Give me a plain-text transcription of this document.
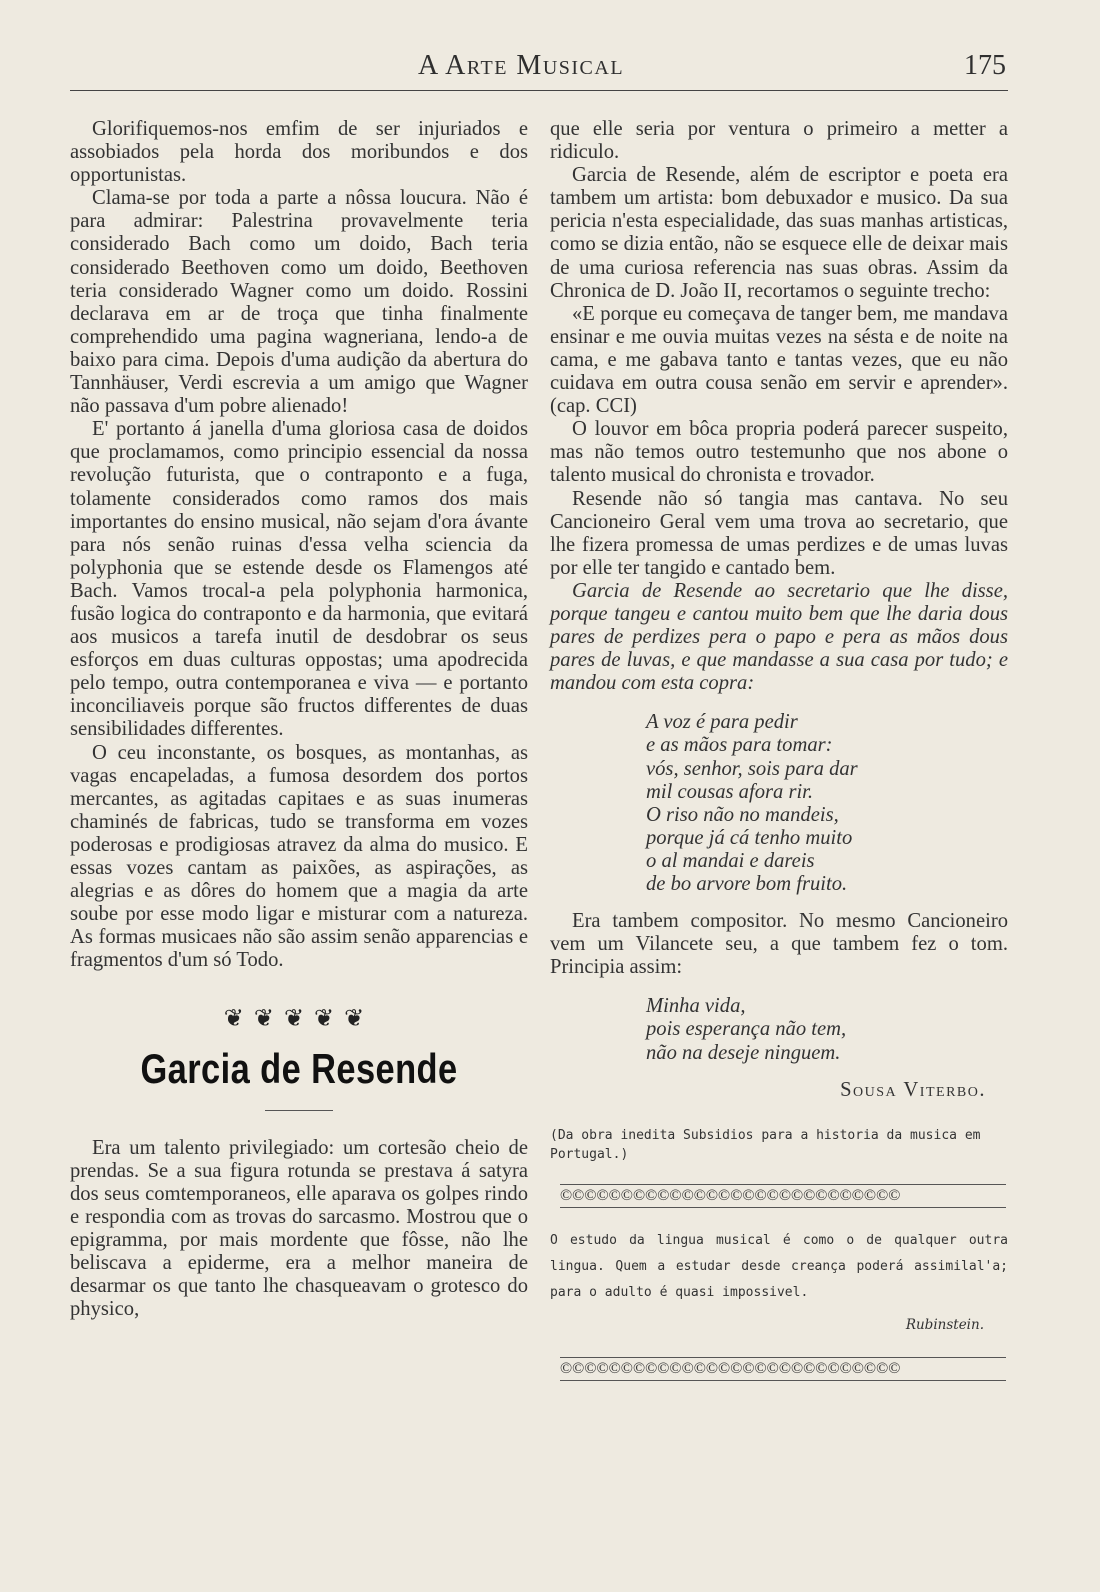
A Arte Musical	175

Glorifiquemos-nos emfim de ser injuriados e assobiados pela horda dos moribundos e dos opportunistas.

Clama-se por toda a parte a nôssa loucura. Não é para admirar: Palestrina provavelmente teria considerado Bach como um doido, Bach teria considerado Beethoven como um doido, Beethoven teria considerado Wagner como um doido. Rossini declarava em ar de troça que tinha finalmente comprehendido uma pagina wagneriana, lendo-a de baixo para cima. Depois d'uma audição da abertura do Tannhäuser, Verdi escrevia a um amigo que Wagner não passava d'um pobre alienado!

E' portanto á janella d'uma gloriosa casa de doidos que proclamamos, como principio essencial da nossa revolução futurista, que o contraponto e a fuga, tolamente considerados como ramos dos mais importantes do ensino musical, não sejam d'ora ávante para nós senão ruinas d'essa velha sciencia da polyphonia que se estende desde os Flamengos até Bach. Vamos trocal-a pela polyphonia harmonica, fusão logica do contraponto e da harmonia, que evitará aos musicos a tarefa inutil de desdobrar os seus esforços em duas culturas oppostas; uma apodrecida pelo tempo, outra contemporanea e viva — e portanto inconciliaveis porque são fructos differentes de duas sensibilidades differentes.

O ceu inconstante, os bosques, as montanhas, as vagas encapeladas, a fumosa desordem dos portos mercantes, as agitadas capitaes e as suas inumeras chaminés de fabricas, tudo se transforma em vozes poderosas e prodigiosas atravez da alma do musico. E essas vozes cantam as paixões, as aspirações, as alegrias e as dôres do homem que a magia da arte soube por esse modo ligar e misturar com a natureza. As formas musicaes não são assim senão apparencias e fragmentos d'um só Todo.

❦❦❦❦❦
Garcia de Resende

Era um talento privilegiado: um cortesão cheio de prendas. Se a sua figura rotunda se prestava á satyra dos seus comtemporaneos, elle aparava os golpes rindo e respondia com as trovas do sarcasmo. Mostrou que o epigramma, por mais mordente que fôsse, não lhe beliscava a epiderme, era a melhor maneira de desarmar os que tanto lhe chasqueavam o grotesco do physico,

que elle seria por ventura o primeiro a metter a ridiculo.

Garcia de Resende, além de escriptor e poeta era tambem um artista: bom debuxador e musico. Da sua pericia n'esta especialidade, das suas manhas artisticas, como se dizia então, não se esquece elle de deixar mais de uma curiosa referencia nas suas obras. Assim da Chronica de D. João II, recortamos o seguinte trecho:

«E porque eu começava de tanger bem, me mandava ensinar e me ouvia muitas vezes na sésta e de noite na cama, e me gabava tanto e tantas vezes, que eu não cuidava em outra cousa senão em servir e aprender». (cap. CCI)

O louvor em bôca propria poderá parecer suspeito, mas não temos outro testemunho que nos abone o talento musical do chronista e trovador.

Resende não só tangia mas cantava. No seu Cancioneiro Geral vem uma trova ao secretario, que lhe fizera promessa de umas perdizes e de umas luvas por elle ter tangido e cantado bem.

Garcia de Resende ao secretario que lhe disse, porque tangeu e cantou muito bem que lhe daria dous pares de perdizes pera o papo e pera as mãos dous pares de luvas, e que mandasse a sua casa por tudo; e mandou com esta copra:

A voz é para pedir
e as mãos para tomar:
vós, senhor, sois para dar
mil cousas afora rir.
O riso não no mandeis,
porque já cá tenho muito
o al mandai e dareis
de bo arvore bom fruito.

Era tambem compositor. No mesmo Cancioneiro vem um Vilancete seu, a que tambem fez o tom. Principia assim:

Minha vida,
pois esperança não tem,
não na deseje ninguem.
Sousa Viterbo.
(Da obra inedita Subsidios para a historia da musica em Portugal.)
©©©©©©©©©©©©©©©©©©©©©©©©©©©©
O estudo da lingua musical é como o de qualquer outra lingua. Quem a estudar desde creança poderá assimilal'a; para o adulto é quasi impossivel.
Rubinstein.
©©©©©©©©©©©©©©©©©©©©©©©©©©©©
